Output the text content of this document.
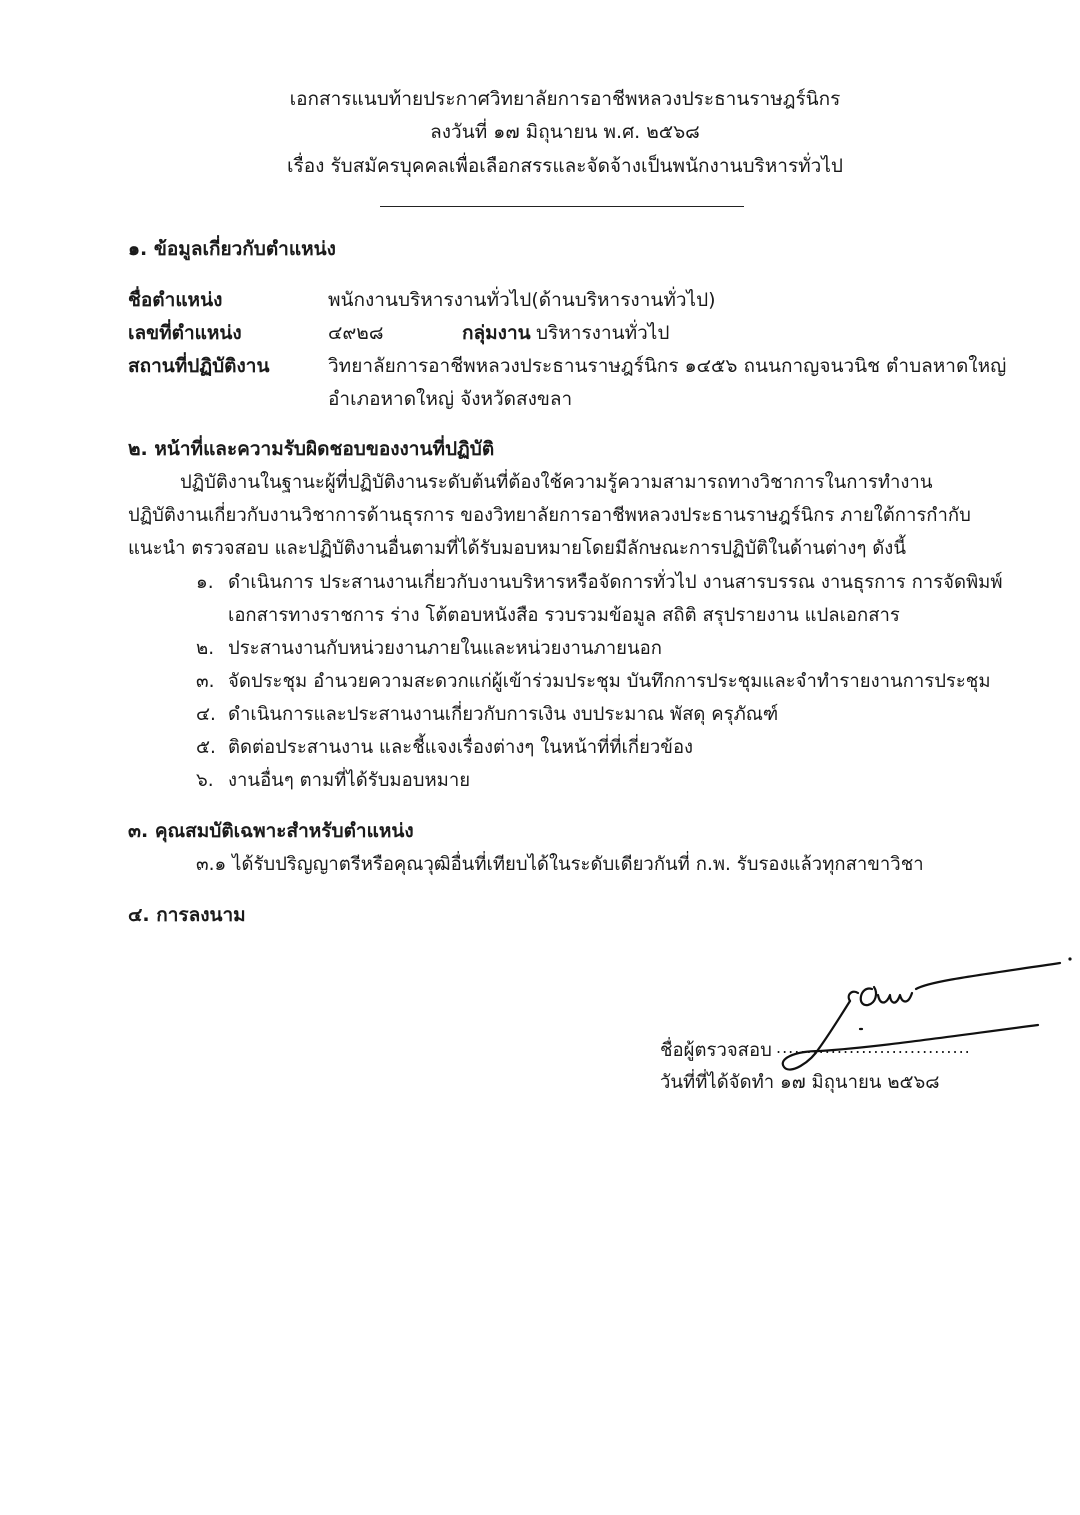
เอกสารแนบท้ายประกาศวิทยาลัยการอาชีพหลวงประธานราษฎร์นิกร
ลงวันที่ ๑๗ มิถุนายน พ.ศ. ๒๕๖๘
เรื่อง รับสมัครบุคคลเพื่อเลือกสรรและจัดจ้างเป็นพนักงานบริหารทั่วไป
๑. ข้อมูลเกี่ยวกับตำแหน่ง
ชื่อตำแหน่ง	พนักงานบริหารงานทั่วไป(ด้านบริหารงานทั่วไป)
เลขที่ตำแหน่ง	๔๙๒๘	กลุ่มงาน บริหารงานทั่วไป
สถานที่ปฏิบัติงาน	วิทยาลัยการอาชีพหลวงประธานราษฎร์นิกร ๑๔๕๖ ถนนกาญจนวนิช ตำบลหาดใหญ่
อำเภอหาดใหญ่ จังหวัดสงขลา
๒. หน้าที่และความรับผิดชอบของงานที่ปฏิบัติ
ปฏิบัติงานในฐานะผู้ที่ปฏิบัติงานระดับต้นที่ต้องใช้ความรู้ความสามารถทางวิชาการในการทำงาน
ปฏิบัติงานเกี่ยวกับงานวิชาการด้านธุรการ ของวิทยาลัยการอาชีพหลวงประธานราษฎร์นิกร ภายใต้การกำกับ
แนะนำ ตรวจสอบ และปฏิบัติงานอื่นตามที่ได้รับมอบหมายโดยมีลักษณะการปฏิบัติในด้านต่างๆ ดังนี้
๑. ดำเนินการ ประสานงานเกี่ยวกับงานบริหารหรือจัดการทั่วไป งานสารบรรณ งานธุรการ การจัดพิมพ์
เอกสารทางราชการ ร่าง โต้ตอบหนังสือ รวบรวมข้อมูล สถิติ สรุปรายงาน แปลเอกสาร
๒. ประสานงานกับหน่วยงานภายในและหน่วยงานภายนอก
๓. จัดประชุม อำนวยความสะดวกแก่ผู้เข้าร่วมประชุม บันทึกการประชุมและจำทำรายงานการประชุม
๔. ดำเนินการและประสานงานเกี่ยวกับการเงิน งบประมาณ พัสดุ ครุภัณฑ์
๕. ติดต่อประสานงาน และชี้แจงเรื่องต่างๆ ในหน้าที่ที่เกี่ยวข้อง
๖. งานอื่นๆ ตามที่ได้รับมอบหมาย
๓. คุณสมบัติเฉพาะสำหรับตำแหน่ง
๓.๑ ได้รับปริญญาตรีหรือคุณวุฒิอื่นที่เทียบได้ในระดับเดียวกันที่ ก.พ. รับรองแล้วทุกสาขาวิชา
๔. การลงนาม
ชื่อผู้ตรวจสอบ ................................
วันที่ที่ได้จัดทำ ๑๗ มิถุนายน ๒๕๖๘
